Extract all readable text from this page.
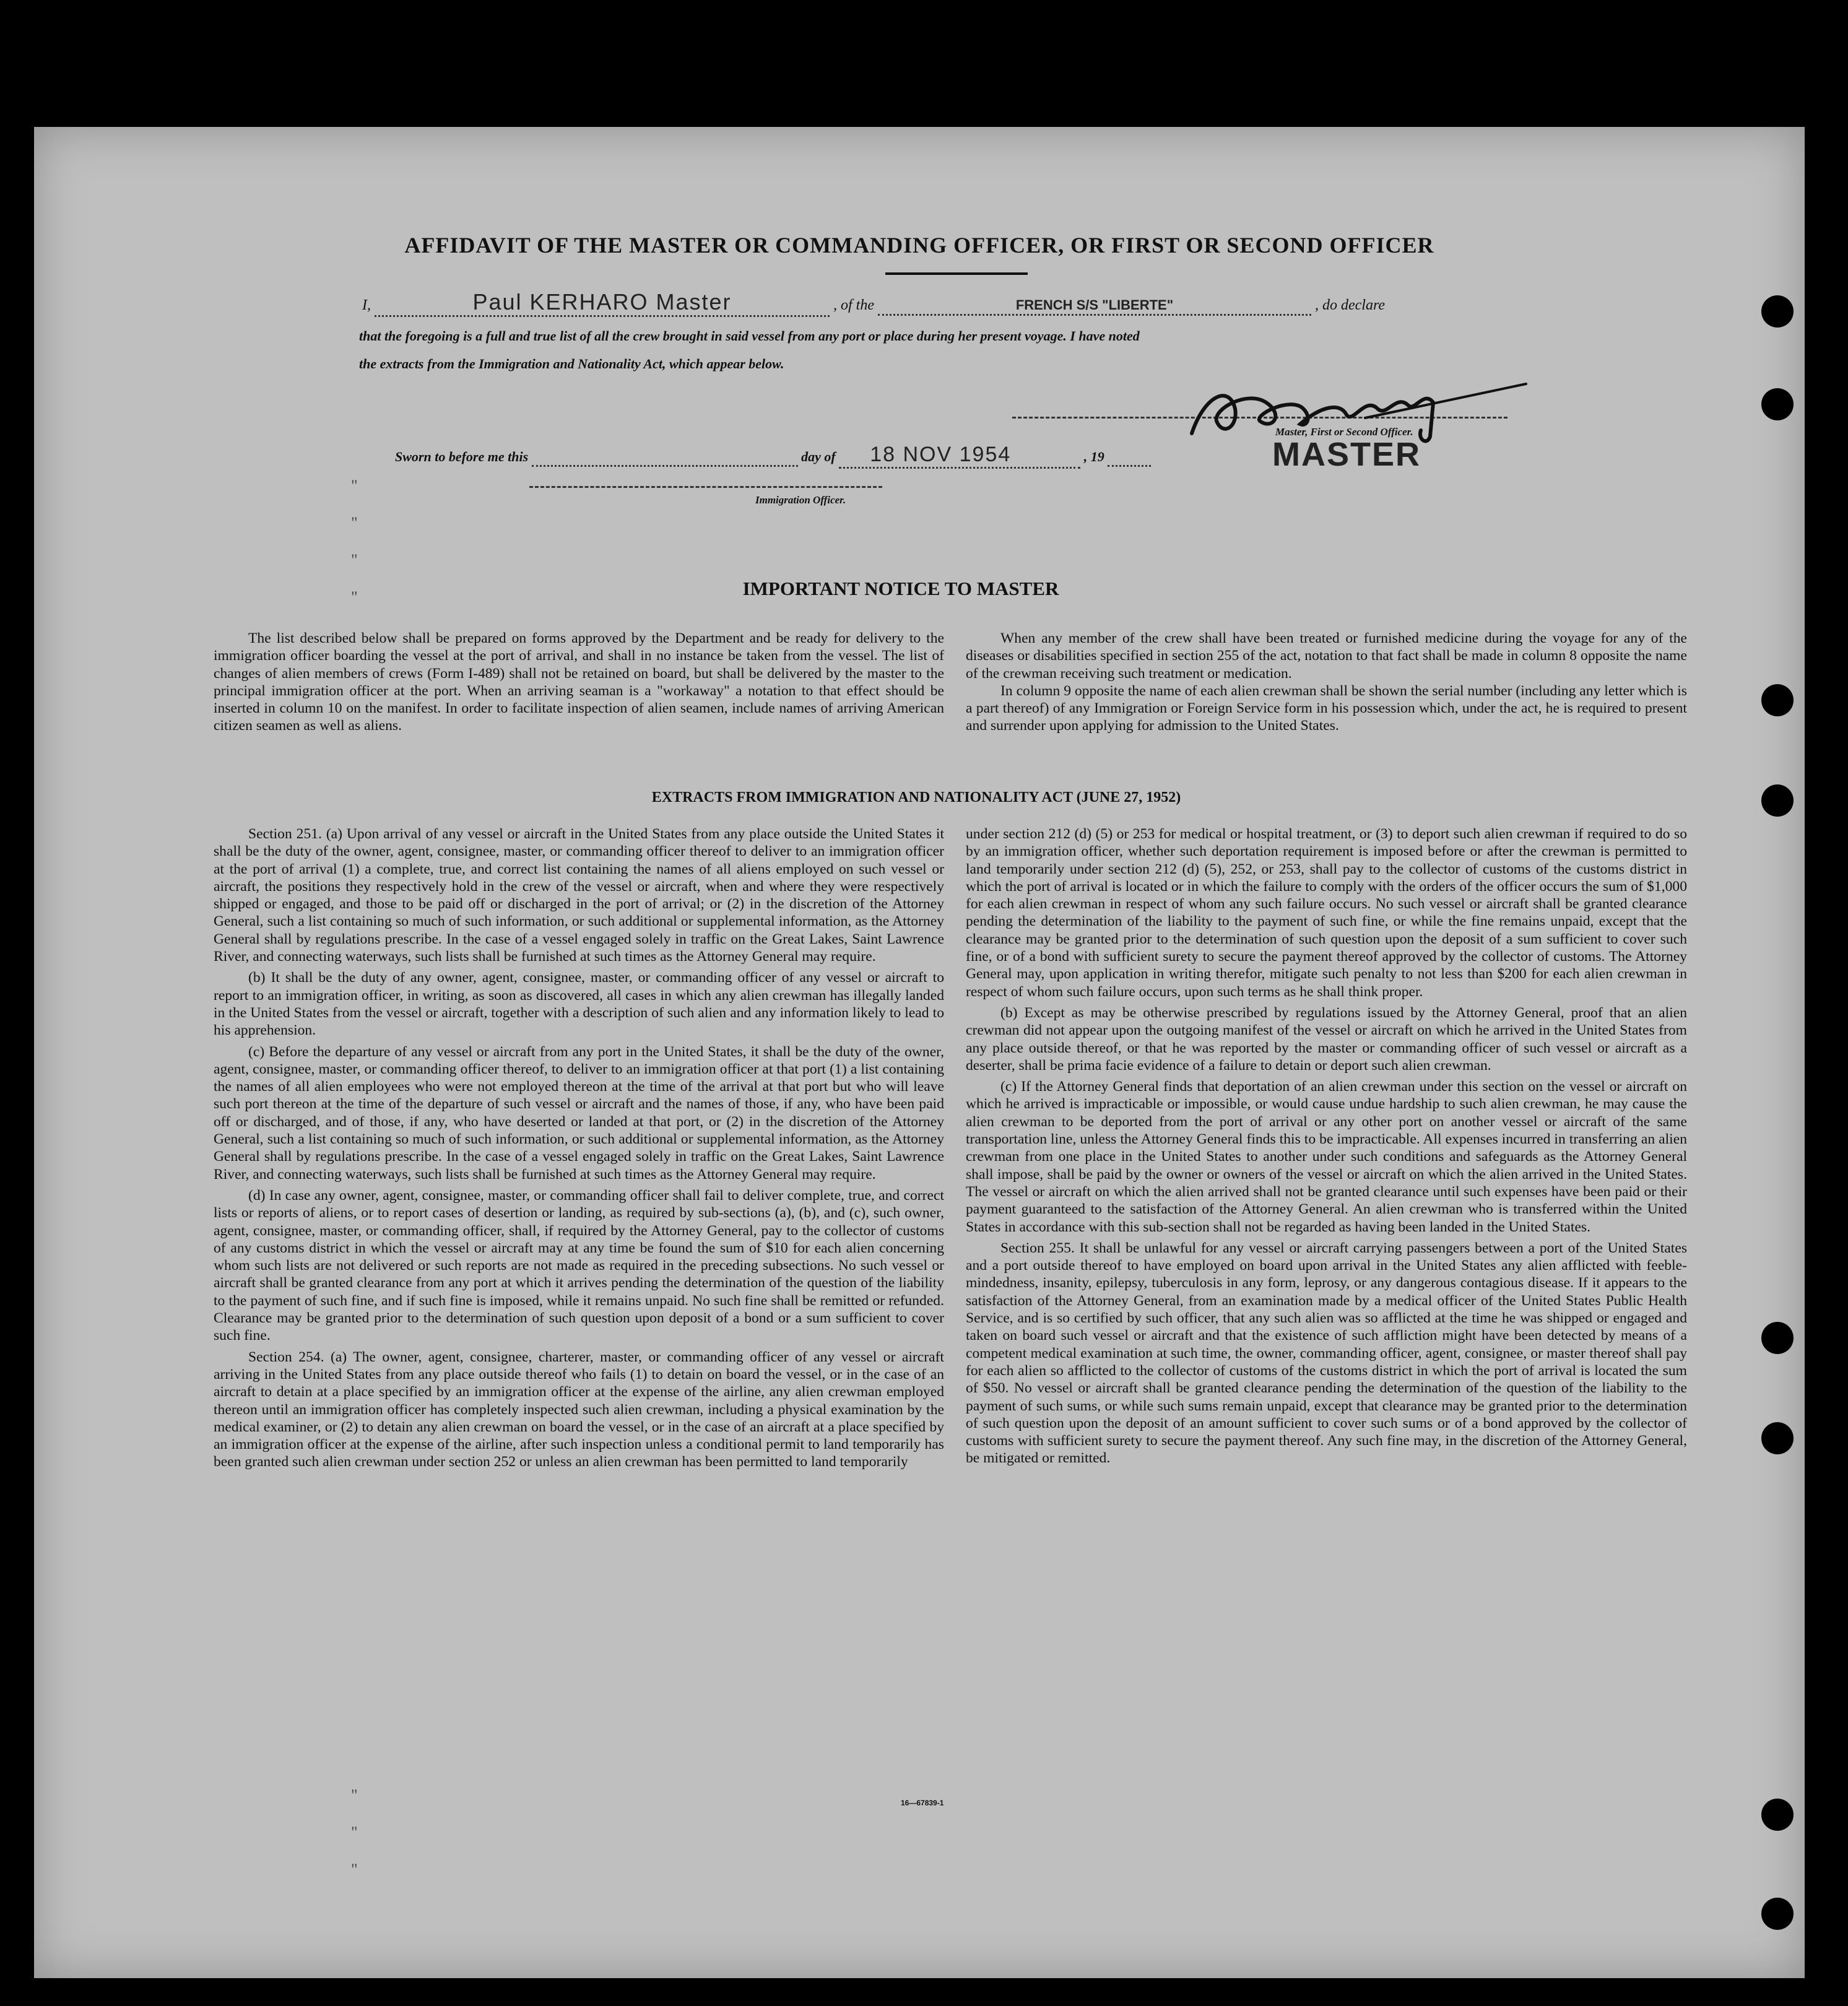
AFFIDAVIT OF THE MASTER OR COMMANDING OFFICER, OR FIRST OR SECOND OFFICER
I,	Paul KERHARO Master	, of the	FRENCH S/S "LIBERTE"	, do declare
that the foregoing is a full and true list of all the crew brought in said vessel from any port or place during her present voyage. I have noted
the extracts from the Immigration and Nationality Act, which appear below.
Master, First or Second Officer.
MASTER
Sworn to before me this	day of 18 NOV 1954	, 19
Immigration Officer.
"
"
"
"	IMPORTANT NOTICE TO MASTER

The list described below shall be prepared on forms approved by the Department and be ready for delivery to the immigration officer boarding the vessel at the port of arrival, and shall in no instance be taken from the vessel. The list of changes of alien members of crews (Form I-489) shall not be retained on board, but shall be delivered by the master to the principal immigration officer at the port. When an arriving seaman is a "workaway" a notation to that effect should be inserted in column 10 on the manifest. In order to facilitate inspection of alien seamen, include names of arriving American citizen seamen as well as aliens.

When any member of the crew shall have been treated or furnished medicine during the voyage for any of the diseases or disabilities specified in section 255 of the act, notation to that fact shall be made in column 8 opposite the name of the crewman receiving such treatment or medication.

In column 9 opposite the name of each alien crewman shall be shown the serial number (including any letter which is a part thereof) of any Immigration or Foreign Service form in his possession which, under the act, he is required to present and surrender upon applying for admission to the United States.

EXTRACTS FROM IMMIGRATION AND NATIONALITY ACT (JUNE 27, 1952)

Section 251. (a) Upon arrival of any vessel or aircraft in the United States from any place outside the United States it shall be the duty of the owner, agent, consignee, master, or commanding officer thereof to deliver to an immigration officer at the port of arrival (1) a complete, true, and correct list containing the names of all aliens employed on such vessel or aircraft, the positions they respectively hold in the crew of the vessel or aircraft, when and where they were respectively shipped or engaged, and those to be paid off or discharged in the port of arrival; or (2) in the discretion of the Attorney General, such a list containing so much of such information, or such additional or supplemental information, as the Attorney General shall by regulations prescribe. In the case of a vessel engaged solely in traffic on the Great Lakes, Saint Lawrence River, and connecting waterways, such lists shall be furnished at such times as the Attorney General may require.

(b) It shall be the duty of any owner, agent, consignee, master, or commanding officer of any vessel or aircraft to report to an immigration officer, in writing, as soon as discovered, all cases in which any alien crewman has illegally landed in the United States from the vessel or aircraft, together with a description of such alien and any information likely to lead to his apprehension.

(c) Before the departure of any vessel or aircraft from any port in the United States, it shall be the duty of the owner, agent, consignee, master, or commanding officer thereof, to deliver to an immigration officer at that port (1) a list containing the names of all alien employees who were not employed thereon at the time of the arrival at that port but who will leave such port thereon at the time of the departure of such vessel or aircraft and the names of those, if any, who have been paid off or discharged, and of those, if any, who have deserted or landed at that port, or (2) in the discretion of the Attorney General, such a list containing so much of such information, or such additional or supplemental information, as the Attorney General shall by regulations prescribe. In the case of a vessel engaged solely in traffic on the Great Lakes, Saint Lawrence River, and connecting waterways, such lists shall be furnished at such times as the Attorney General may require.

(d) In case any owner, agent, consignee, master, or commanding officer shall fail to deliver complete, true, and correct lists or reports of aliens, or to report cases of desertion or landing, as required by sub-sections (a), (b), and (c), such owner, agent, consignee, master, or commanding officer, shall, if required by the Attorney General, pay to the collector of customs of any customs district in which the vessel or aircraft may at any time be found the sum of $10 for each alien concerning whom such lists are not delivered or such reports are not made as required in the preceding subsections. No such vessel or aircraft shall be granted clearance from any port at which it arrives pending the determination of the question of the liability to the payment of such fine, and if such fine is imposed, while it remains unpaid. No such fine shall be remitted or refunded. Clearance may be granted prior to the determination of such question upon deposit of a bond or a sum sufficient to cover such fine.

Section 254. (a) The owner, agent, consignee, charterer, master, or commanding officer of any vessel or aircraft arriving in the United States from any place outside thereof who fails (1) to detain on board the vessel, or in the case of an aircraft to detain at a place specified by an immigration officer at the expense of the airline, any alien crewman employed thereon until an immigration officer has completely inspected such alien crewman, including a physical examination by the medical examiner, or (2) to detain any alien crewman on board the vessel, or in the case of an aircraft at a place specified by an immigration officer at the expense of the airline, after such inspection unless a conditional permit to land temporarily has been granted such alien crewman under section 252 or unless an alien crewman has been permitted to land temporarily

under section 212 (d) (5) or 253 for medical or hospital treatment, or (3) to deport such alien crewman if required to do so by an immigration officer, whether such deportation requirement is imposed before or after the crewman is permitted to land temporarily under section 212 (d) (5), 252, or 253, shall pay to the collector of customs of the customs district in which the port of arrival is located or in which the failure to comply with the orders of the officer occurs the sum of $1,000 for each alien crewman in respect of whom any such failure occurs. No such vessel or aircraft shall be granted clearance pending the determination of the liability to the payment of such fine, or while the fine remains unpaid, except that the clearance may be granted prior to the determination of such question upon the deposit of a sum sufficient to cover such fine, or of a bond with sufficient surety to secure the payment thereof approved by the collector of customs. The Attorney General may, upon application in writing therefor, mitigate such penalty to not less than $200 for each alien crewman in respect of whom such failure occurs, upon such terms as he shall think proper.

(b) Except as may be otherwise prescribed by regulations issued by the Attorney General, proof that an alien crewman did not appear upon the outgoing manifest of the vessel or aircraft on which he arrived in the United States from any place outside thereof, or that he was reported by the master or commanding officer of such vessel or aircraft as a deserter, shall be prima facie evidence of a failure to detain or deport such alien crewman.

(c) If the Attorney General finds that deportation of an alien crewman under this section on the vessel or aircraft on which he arrived is impracticable or impossible, or would cause undue hardship to such alien crewman, he may cause the alien crewman to be deported from the port of arrival or any other port on another vessel or aircraft of the same transportation line, unless the Attorney General finds this to be impracticable. All expenses incurred in transferring an alien crewman from one place in the United States to another under such conditions and safeguards as the Attorney General shall impose, shall be paid by the owner or owners of the vessel or aircraft on which the alien arrived in the United States. The vessel or aircraft on which the alien arrived shall not be granted clearance until such expenses have been paid or their payment guaranteed to the satisfaction of the Attorney General. An alien crewman who is transferred within the United States in accordance with this sub-section shall not be regarded as having been landed in the United States.

Section 255. It shall be unlawful for any vessel or aircraft carrying passengers between a port of the United States and a port outside thereof to have employed on board upon arrival in the United States any alien afflicted with feeble-mindedness, insanity, epilepsy, tuberculosis in any form, leprosy, or any dangerous contagious disease. If it appears to the satisfaction of the Attorney General, from an examination made by a medical officer of the United States Public Health Service, and is so certified by such officer, that any such alien was so afflicted at the time he was shipped or engaged and taken on board such vessel or aircraft and that the existence of such affliction might have been detected by means of a competent medical examination at such time, the owner, commanding officer, agent, consignee, or master thereof shall pay for each alien so afflicted to the collector of customs of the customs district in which the port of arrival is located the sum of $50. No vessel or aircraft shall be granted clearance pending the determination of the question of the liability to the payment of such sums, or while such sums remain unpaid, except that clearance may be granted prior to the determination of such question upon the deposit of an amount sufficient to cover such sums or of a bond approved by the collector of customs with sufficient surety to secure the payment thereof. Any such fine may, in the discretion of the Attorney General, be mitigated or remitted.

"
"
"
16—67839-1
